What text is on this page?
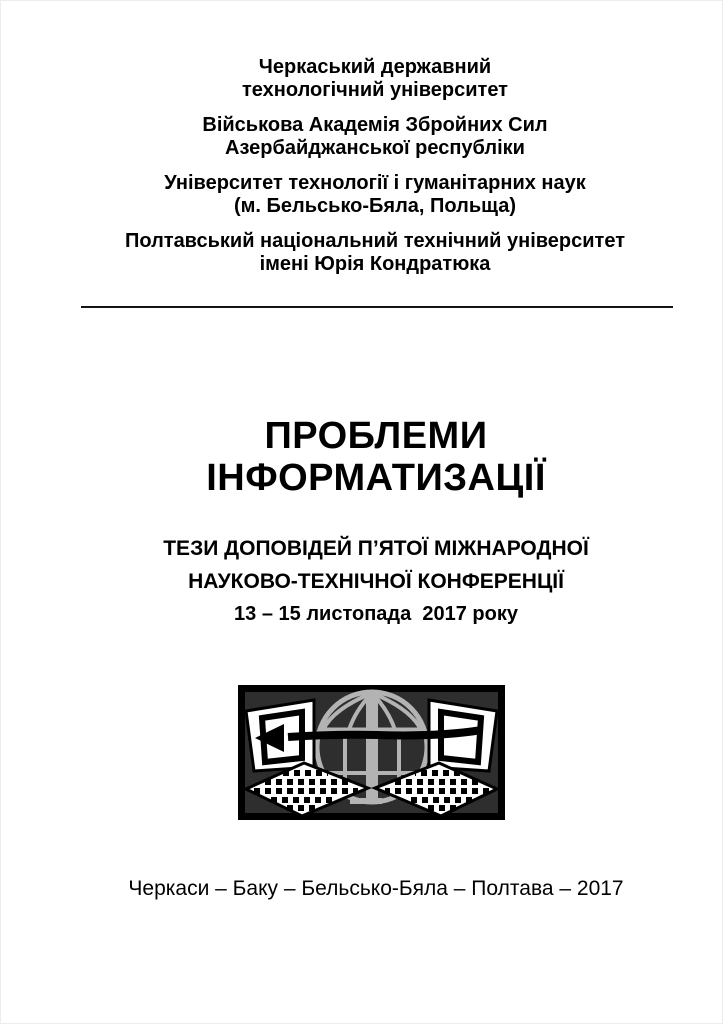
Черкаський державний
технологічний університет
Військова Академія Збройних Сил
Азербайджанської республіки
Університет технології і гуманітарних наук
(м. Бельсько-Бяла, Польща)
Полтавський національний технічний університет
імені Юрія Кондратюка
ПРОБЛЕМИ
ІНФОРМАТИЗАЦІЇ
ТЕЗИ ДОПОВІДЕЙ П’ЯТОЇ МІЖНАРОДНОЇ
НАУКОВО-ТЕХНІЧНОЇ КОНФЕРЕНЦІЇ
13 – 15 листопада  2017 року
Черкаси – Баку – Бельсько-Бяла – Полтава – 2017
